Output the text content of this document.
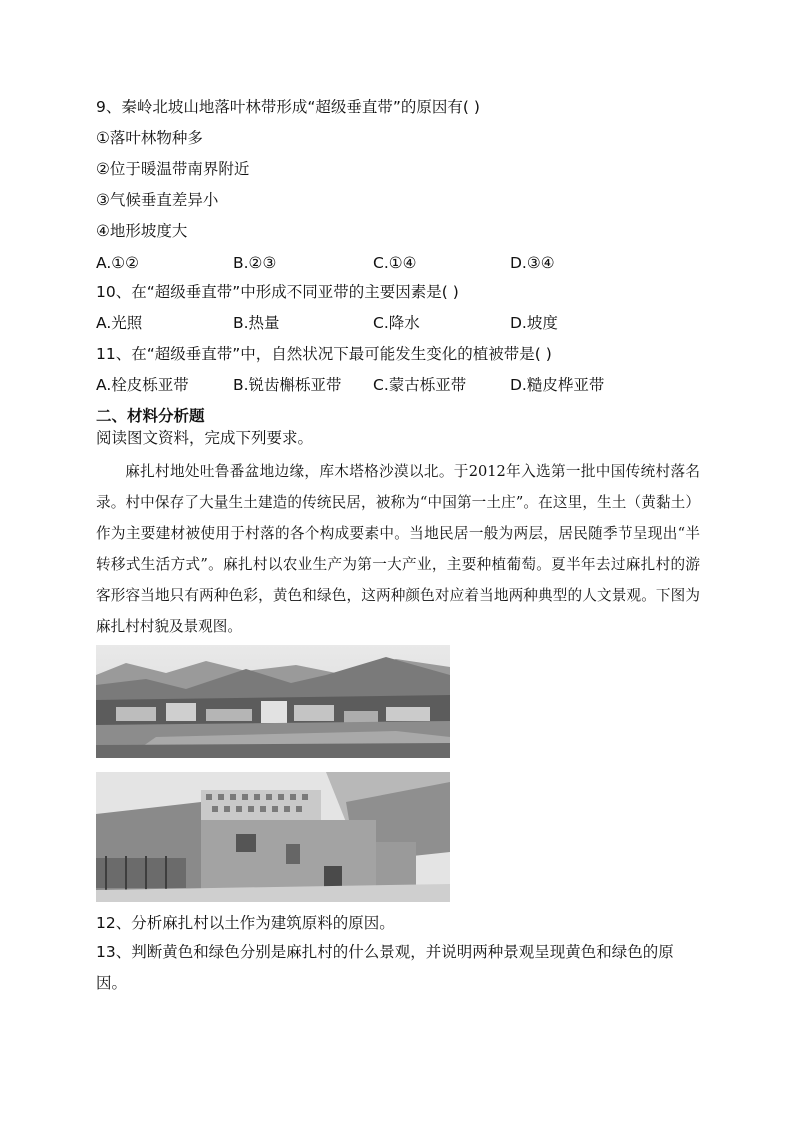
9、秦岭北坡山地落叶林带形成“超级垂直带”的原因有( )
①落叶林物种多
②位于暖温带南界附近
③气候垂直差异小
④地形坡度大
A.①②	B.②③	C.①④	D.③④
10、在“超级垂直带”中形成不同亚带的主要因素是( )
A.光照	B.热量	C.降水	D.坡度
11、在“超级垂直带”中，自然状况下最可能发生变化的植被带是( )
A.栓皮栎亚带	B.锐齿槲栎亚带 C.蒙古栎亚带	D.糙皮桦亚带
二、材料分析题
阅读图文资料，完成下列要求。
麻扎村地处吐鲁番盆地边缘，库木塔格沙漠以北。于2012年入选第一批中国传统村落名录。村中保存了大量生土建造的传统民居，被称为“中国第一土庄”。在这里，生土（黄黏土）作为主要建材被使用于村落的各个构成要素中。当地民居一般为两层，居民随季节呈现出“半转移式生活方式”。麻扎村以农业生产为第一大产业，主要种植葡萄。夏半年去过麻扎村的游客形容当地只有两种色彩，黄色和绿色，这两种颜色对应着当地两种典型的人文景观。下图为麻扎村村貌及景观图。
12、分析麻扎村以土作为建筑原料的原因。
13、判断黄色和绿色分别是麻扎村的什么景观，并说明两种景观呈现黄色和绿色的原因。
